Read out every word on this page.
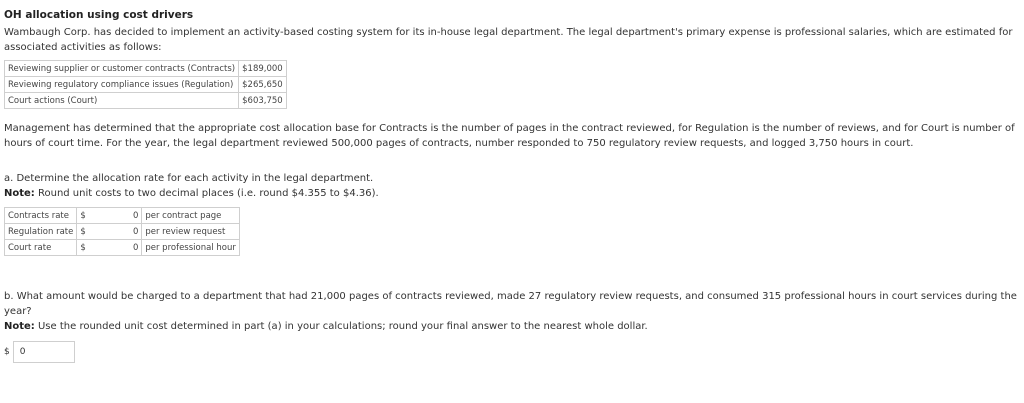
OH allocation using cost drivers

Wambaugh Corp. has decided to implement an activity-based costing system for its in-house legal department. The legal department's primary expense is professional salaries, which are estimated for associated activities as follows:

Reviewing supplier or customer contracts (Contracts)	$189,000
Reviewing regulatory compliance issues (Regulation)	$265,650
Court actions (Court)	$603,750

Management has determined that the appropriate cost allocation base for Contracts is the number of pages in the contract reviewed, for Regulation is the number of reviews, and for Court is number of hours of court time. For the year, the legal department reviewed 500,000 pages of contracts, number responded to 750 regulatory review requests, and logged 3,750 hours in court.

a. Determine the allocation rate for each activity in the legal department.

Note: Round unit costs to two decimal places (i.e. round $4.355 to $4.36).

Contracts rate	$	0	per contract page
Regulation rate	$	0	per review request
Court rate	$	0	per professional hour

b. What amount would be charged to a department that had 21,000 pages of contracts reviewed, made 27 regulatory review requests, and consumed 315 professional hours in court services during the year?

Note: Use the rounded unit cost determined in part (a) in your calculations; round your final answer to the nearest whole dollar.

$	0
